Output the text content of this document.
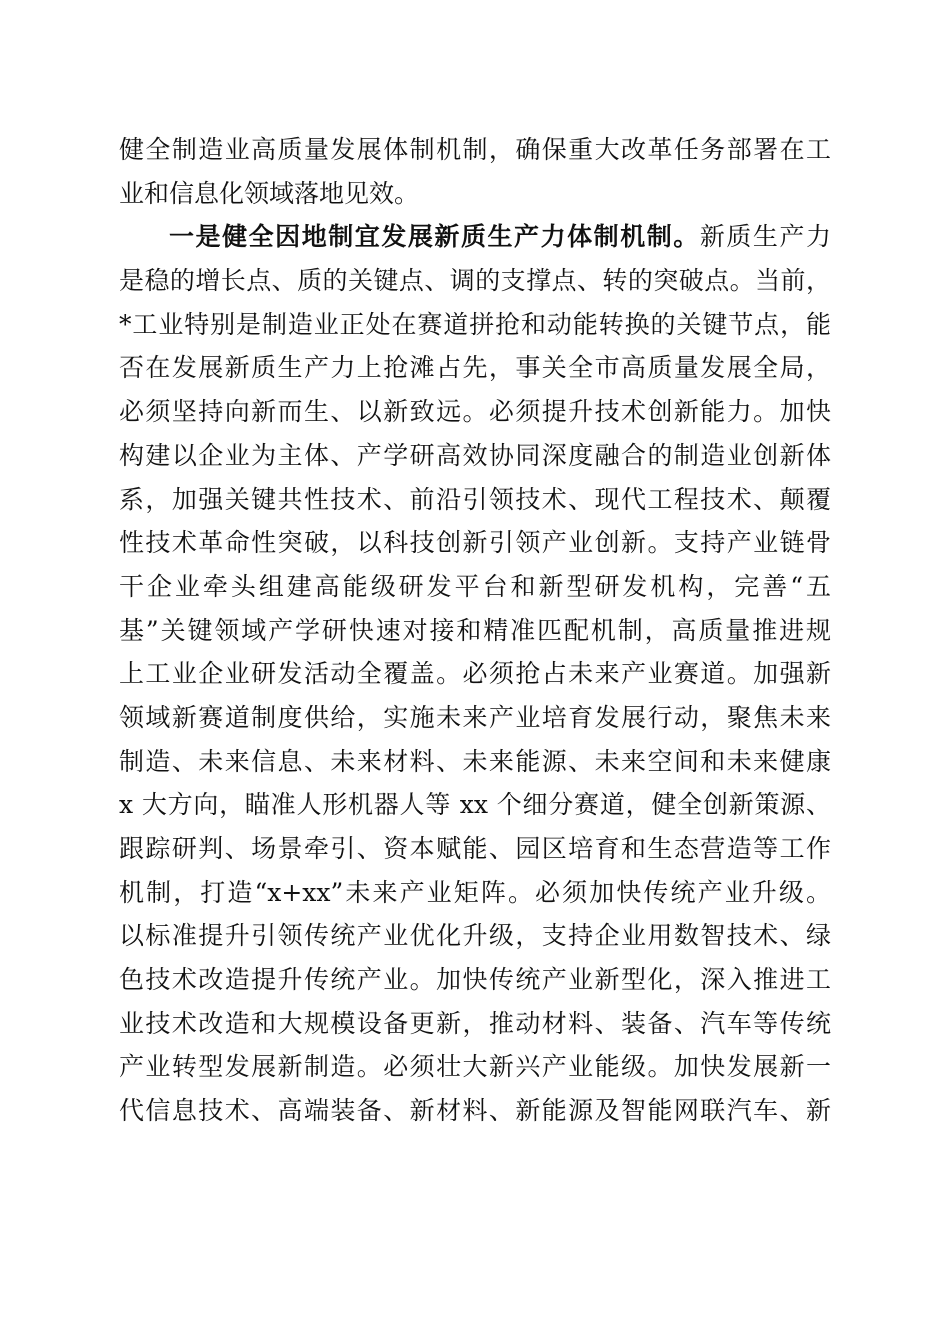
健全制造业高质量发展体制机制，确保重大改革任务部署在工
业和信息化领域落地见效。
一是健全因地制宜发展新质生产力体制机制。新质生产力
是稳的增长点、质的关键点、调的支撑点、转的突破点。当前，
*工业特别是制造业正处在赛道拼抢和动能转换的关键节点，能
否在发展新质生产力上抢滩占先，事关全市高质量发展全局，
必须坚持向新而生、以新致远。必须提升技术创新能力。加快
构建以企业为主体、产学研高效协同深度融合的制造业创新体
系，加强关键共性技术、前沿引领技术、现代工程技术、颠覆
性技术革命性突破，以科技创新引领产业创新。支持产业链骨
干企业牵头组建高能级研发平台和新型研发机构，完善“五
基”关键领域产学研快速对接和精准匹配机制，高质量推进规
上工业企业研发活动全覆盖。必须抢占未来产业赛道。加强新
领域新赛道制度供给，实施未来产业培育发展行动，聚焦未来
制造、未来信息、未来材料、未来能源、未来空间和未来健康
x 大方向，瞄准人形机器人等 xx 个细分赛道，健全创新策源、
跟踪研判、场景牵引、资本赋能、园区培育和生态营造等工作
机制，打造“x+xx”未来产业矩阵。必须加快传统产业升级。
以标准提升引领传统产业优化升级，支持企业用数智技术、绿
色技术改造提升传统产业。加快传统产业新型化，深入推进工
业技术改造和大规模设备更新，推动材料、装备、汽车等传统
产业转型发展新制造。必须壮大新兴产业能级。加快发展新一
代信息技术、高端装备、新材料、新能源及智能网联汽车、新
